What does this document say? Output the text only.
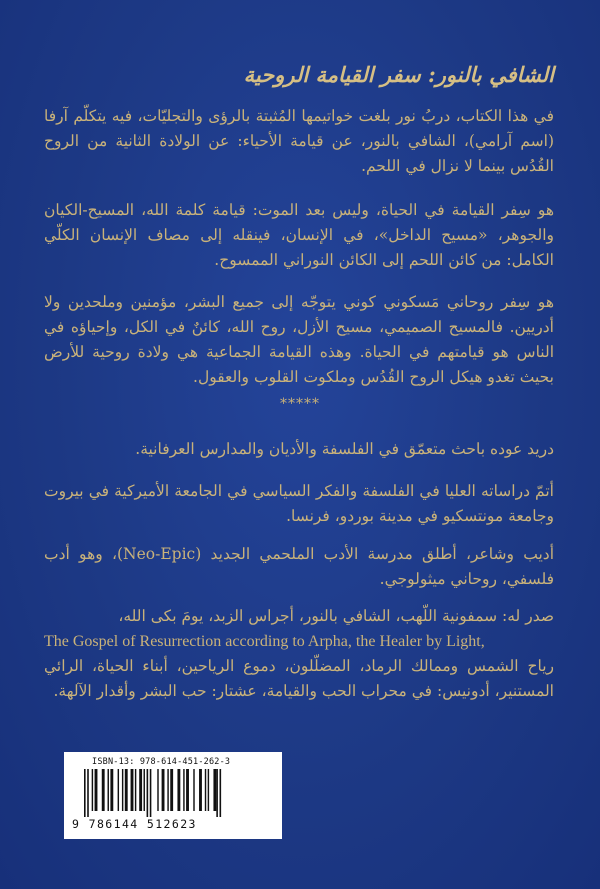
الشافي بالنور: سفر القيامة الروحية
في هذا الكتاب، دربُ نور بلغت خواتيمها المُثبتة بالرؤى والتجليّات، فيه يتكلّم آرفا (اسم آرامي)، الشافي بالنور، عن قيامة الأحياء: عن الولادة الثانية من الروح القُدُس بينما لا نزال في اللحم.
هو سِفر القيامة في الحياة، وليس بعد الموت: قيامة كلمة الله، المسيح-الكيان والجوهر، «مسيح الداخل»، في الإنسان، فينقله إلى مصاف الإنسان الكلّي الكامل: من كائن اللحم إلى الكائن النوراني الممسوح.
هو سِفر روحاني مَسكوني كوني يتوجّه إلى جميع البشر، مؤمنين وملحدين ولا أدريين. فالمسيح الصميمي، مسيح الأزل، روح الله، كائنٌ في الكل، وإحياؤه في الناس هو قيامتهم في الحياة. وهذه القيامة الجماعية هي ولادة روحية للأرض بحيث تغدو هيكل الروح القُدُس وملكوت القلوب والعقول.
*****
دريد عوده باحث متعمّق في الفلسفة والأديان والمدارس العرفانية.
أتمّ دراساته العليا في الفلسفة والفكر السياسي في الجامعة الأميركية في بيروت وجامعة مونتسكيو في مدينة بوردو، فرنسا.
أديب وشاعر، أطلق مدرسة الأدب الملحمي الجديد (Neo-Epic)، وهو أدب فلسفي، روحاني ميثولوجي.
صدر له: سمفونية اللّهب، الشافي بالنور، أجراس الزبد، يومَ بكى الله،
The Gospel of Resurrection according to Arpha, the Healer by Light,
رياح الشمس وممالك الرماد، المضلّلون، دموع الرياحين، أبناء الحياة، الرائي المستنير، أدونيس: في محراب الحب والقيامة، عشتار: حب البشر وأقدار الآلهة.
ISBN-13: 978-614-451-262-3
9 786144 512623
